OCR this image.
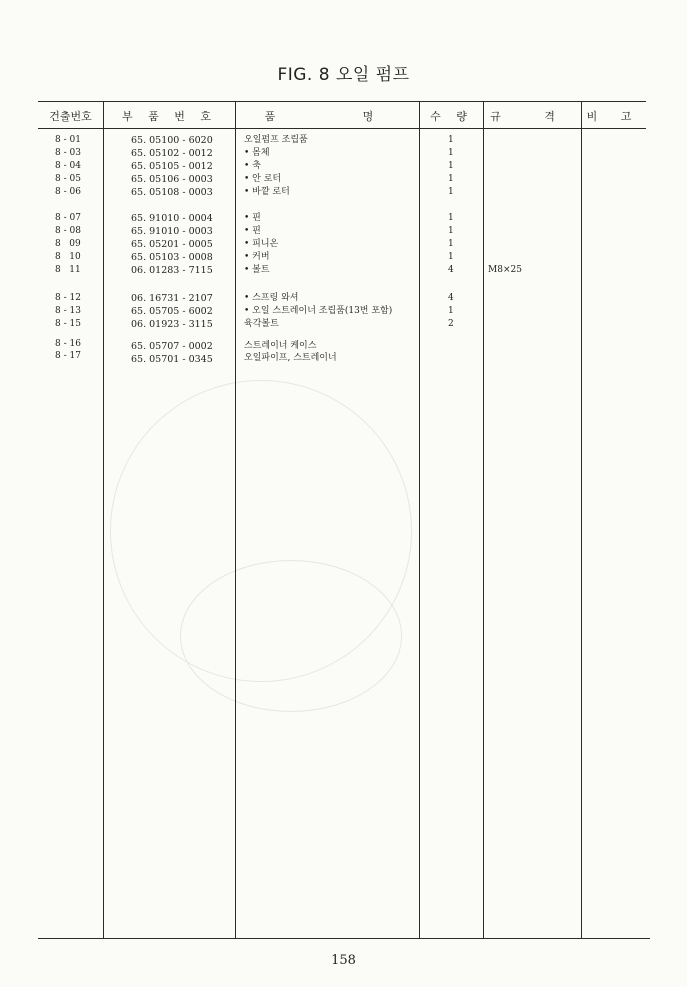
FIG. 8 오일 펌프
건출번호	부 품 번 호	품	명	수 량	규 격	비 고
8 - 01	65. 05100 - 6020	오일펌프 조립품	1
8 - 03	65. 05102 - 0012	• 몸체	1
8 - 04	65. 05105 - 0012	• 축	1
8 - 05	65. 05106 - 0003	• 안 로터	1
8 - 06	65. 05108 - 0003	• 바깥 로터	1
8 - 07	65. 91010 - 0004	• 핀	1
8 - 08	65. 91010 - 0003	• 핀	1
8   09	65. 05201 - 0005	• 피니온	1
8   10	65. 05103 - 0008	• 커버	1
8   11	06. 01283 - 7115	• 볼트	4	M8×25
8 - 12	06. 16731 - 2107	• 스프링 와셔	4
8 - 13	65. 05705 - 6002	• 오일 스트레이너 조립품(13번 포함)	1
8 - 15	06. 01923 - 3115	육각볼트	2
8 - 16	65. 05707 - 0002	스트레이너 케이스
8 - 17	65. 05701 - 0345	오일파이프, 스트레이너
158
